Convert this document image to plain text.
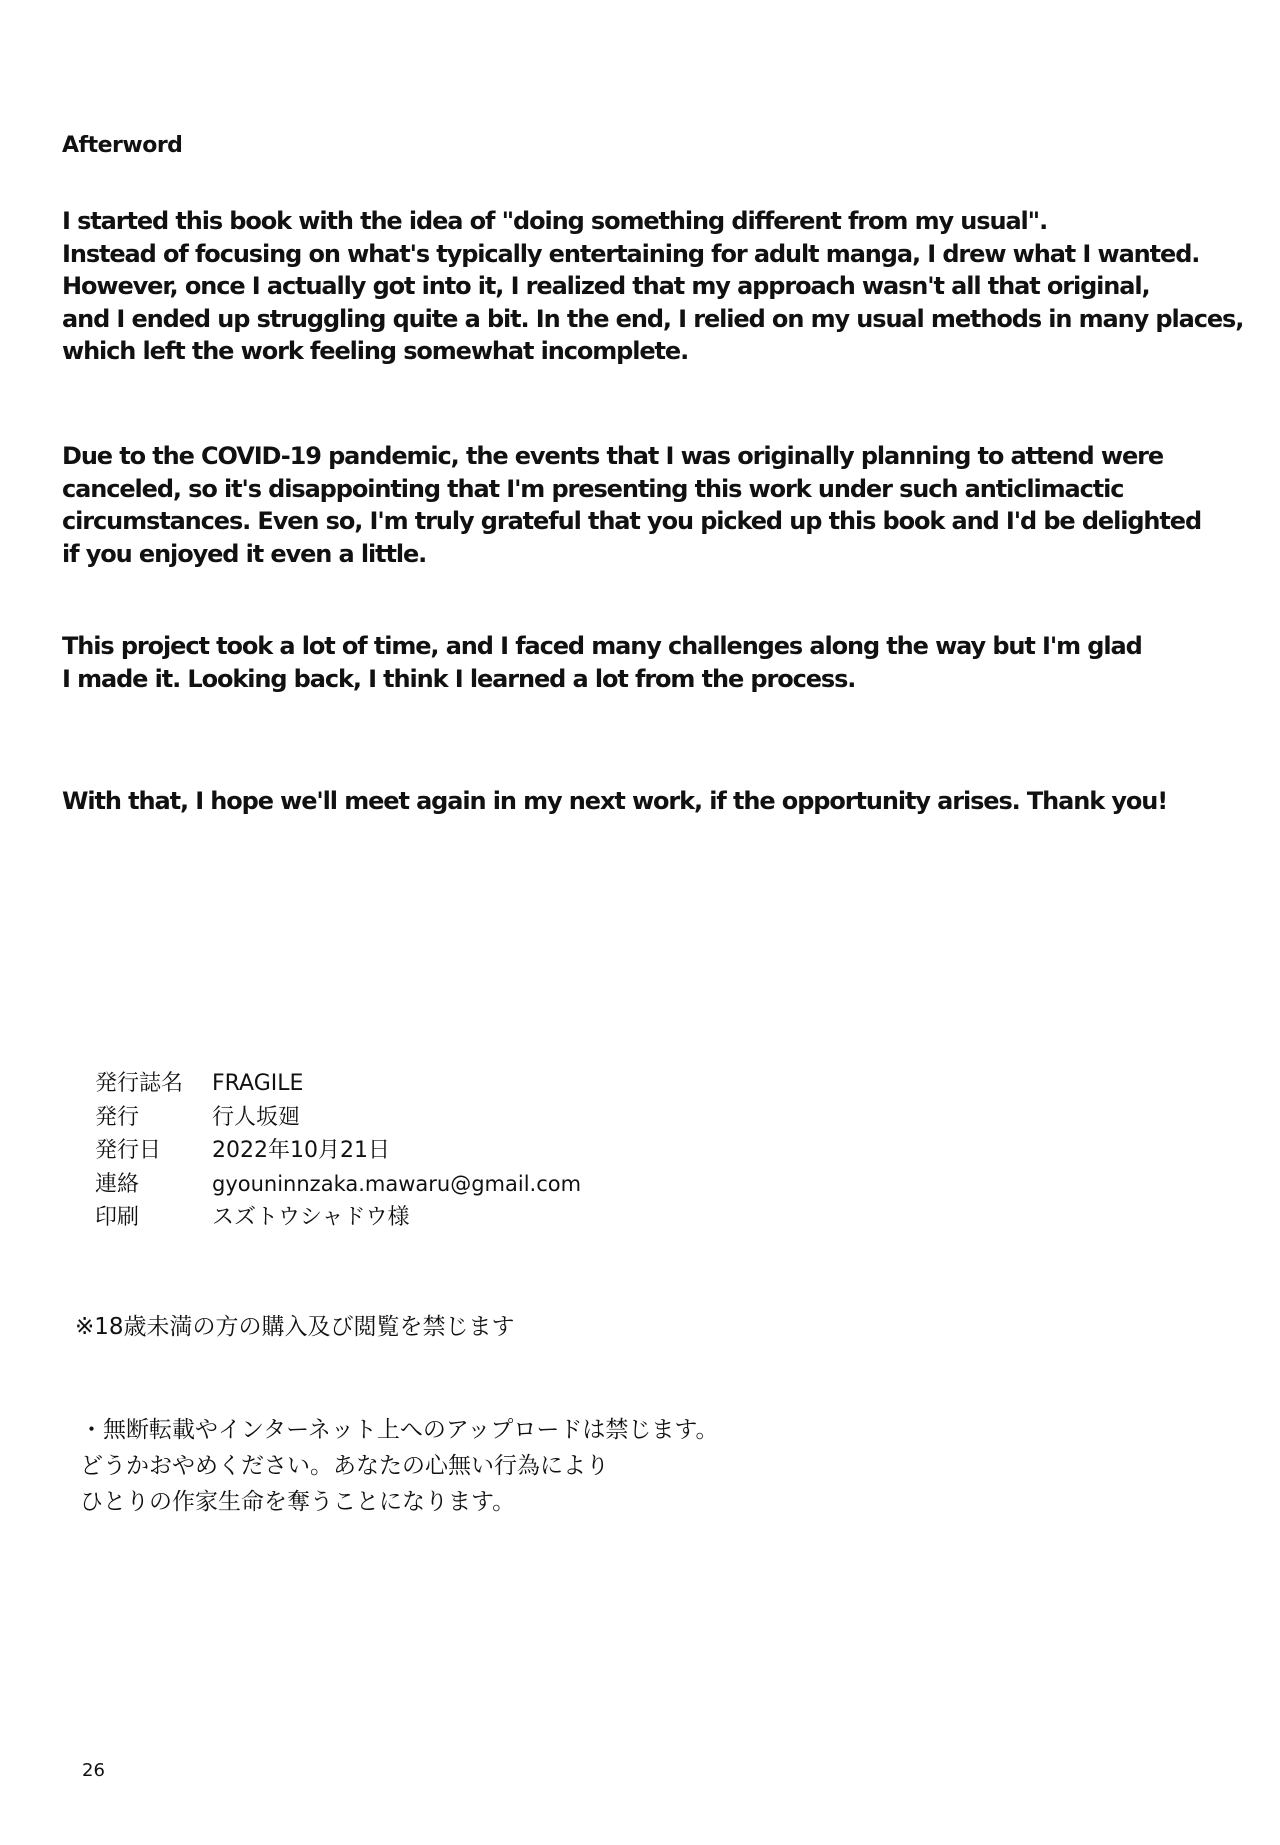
Afterword

I started this book with the idea of "doing something different from my usual".
Instead of focusing on what's typically entertaining for adult manga, I drew what I wanted.
However, once I actually got into it, I realized that my approach wasn't all that original,
and I ended up struggling quite a bit. In the end, I relied on my usual methods in many places,
which left the work feeling somewhat incomplete.

Due to the COVID-19 pandemic, the events that I was originally planning to attend were
canceled, so it's disappointing that I'm presenting this work under such anticlimactic
circumstances. Even so, I'm truly grateful that you picked up this book and I'd be delighted
if you enjoyed it even a little.

This project took a lot of time, and I faced many challenges along the way but I'm glad
I made it. Looking back, I think I learned a lot from the process.

With that, I hope we'll meet again in my next work, if the opportunity arises. Thank you!

発行誌名 FRAGILE
発行	行人坂廻
発行日 2022年10月21日
連絡	gyouninnzaka.mawaru@gmail.com
印刷	スズトウシャドウ様
※18歳未満の方の購入及び閲覧を禁じます
・無断転載やインターネット上へのアップロードは禁じます。
どうかおやめください。あなたの心無い行為により
ひとりの作家生命を奪うことになります。
26
